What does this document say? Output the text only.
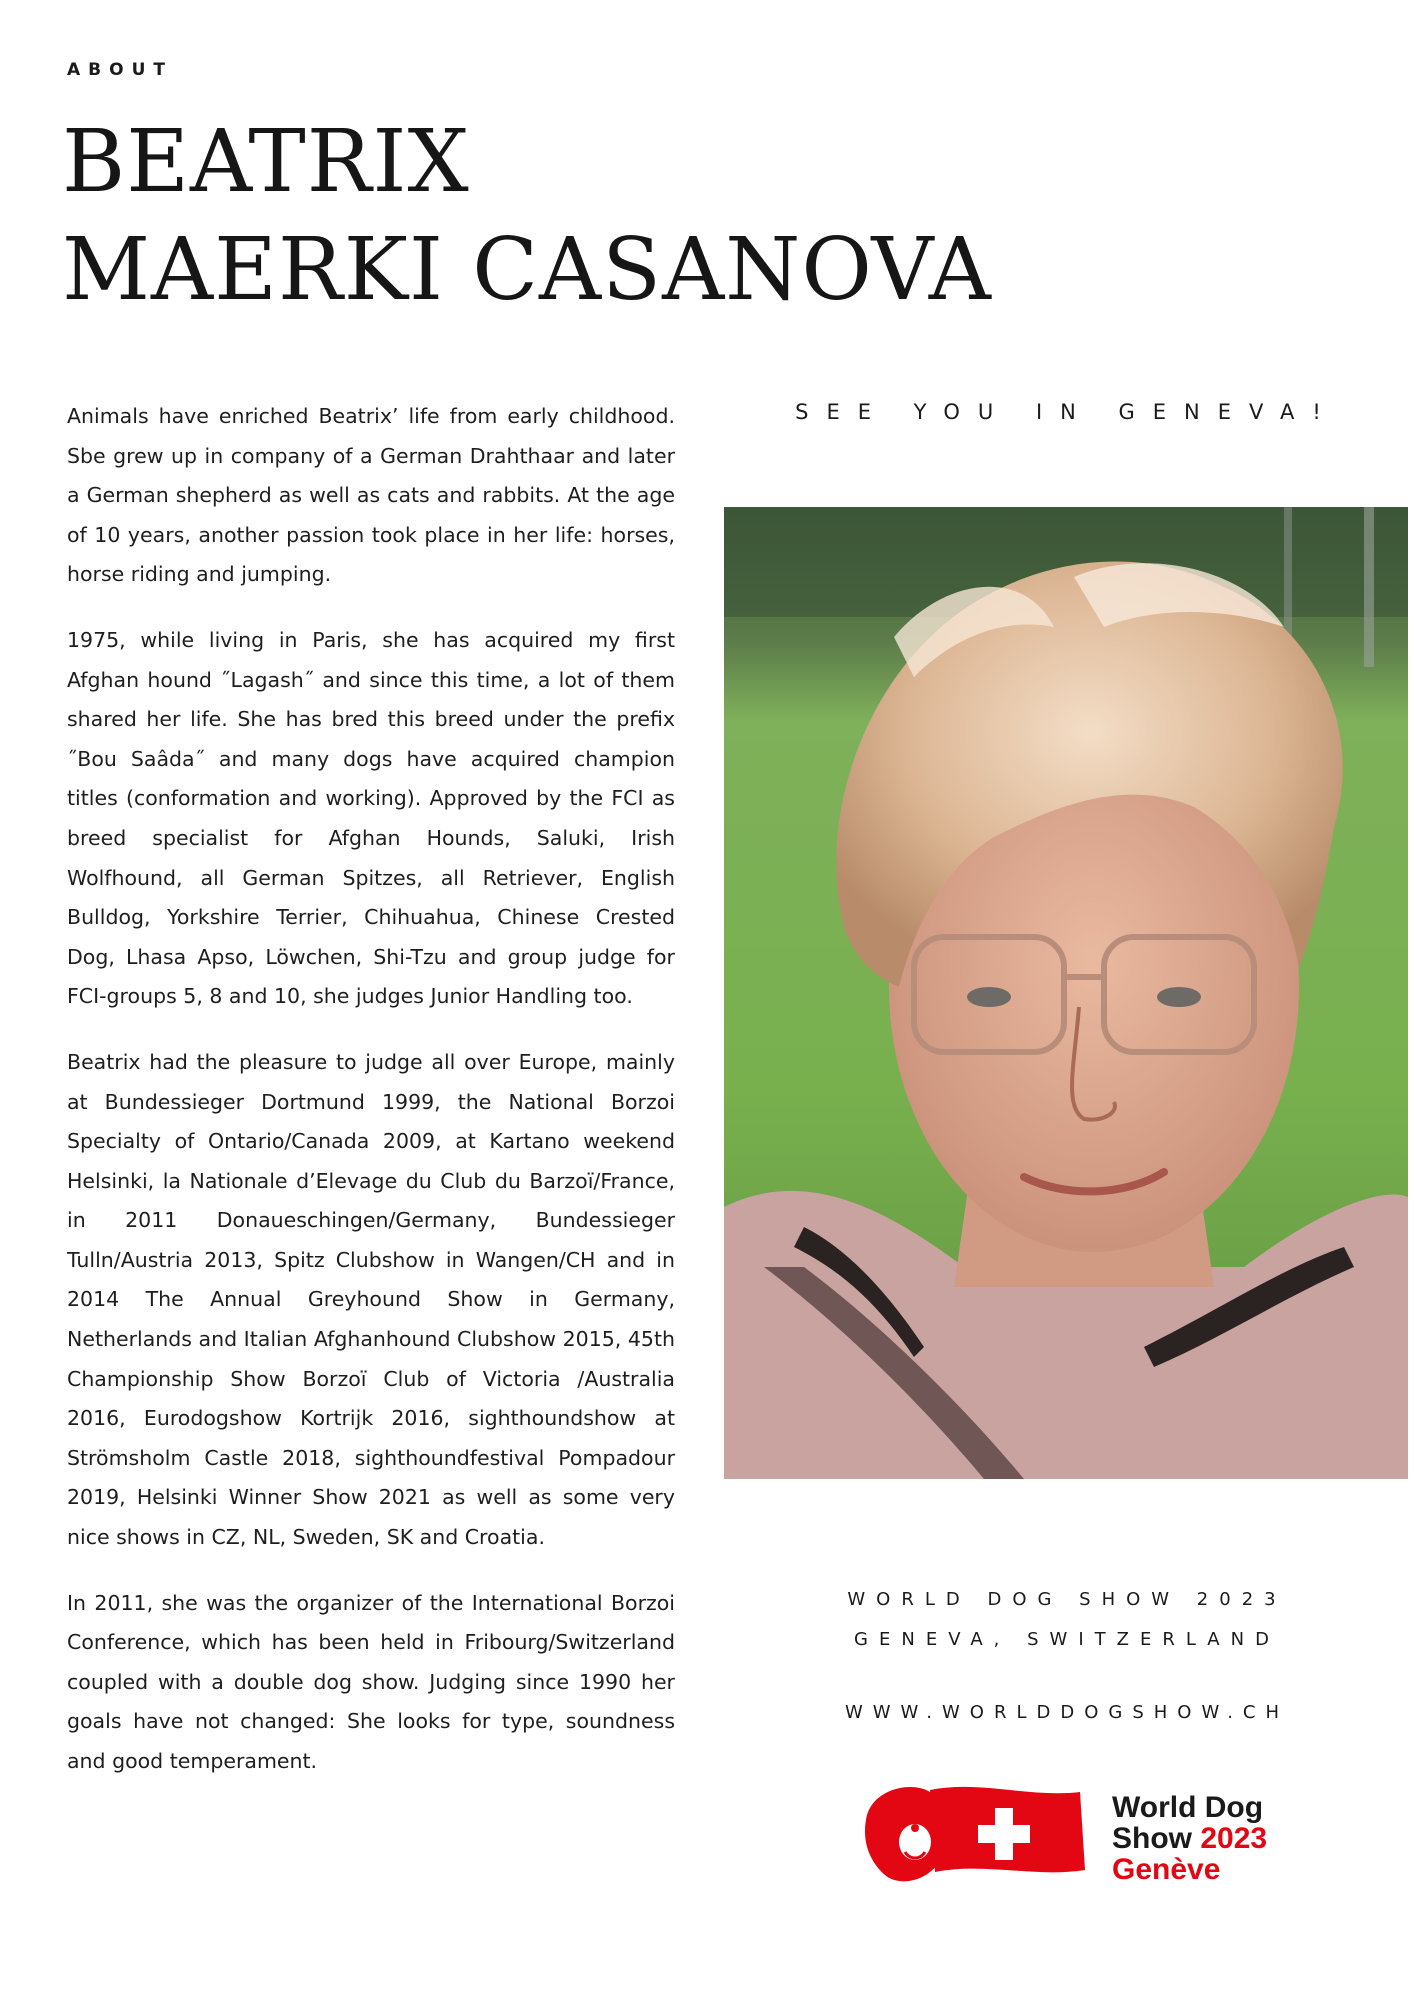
ABOUT
BEATRIX
MAERKI CASANOVA

Animals have enriched Beatrix’ life from early childhood. Sbe grew up in company of a German Drahthaar and later a German shepherd as well as cats and rabbits. At the age of 10 years, another passion took place in her life: horses, horse riding and jumping.

1975, while living in Paris, she has acquired my first Afghan hound ˝Lagash˝ and since this time, a lot of them shared her life. She has bred this breed under the prefix ˝Bou Saâda˝ and many dogs have acquired champion titles (conformation and working). Approved by the FCI as breed specialist for Afghan Hounds, Saluki, Irish Wolfhound, all German Spitzes, all Retriever, English Bulldog, Yorkshire Terrier, Chihuahua, Chinese Crested Dog, Lhasa Apso, Löwchen, Shi-Tzu and group judge for FCI-groups 5, 8 and 10, she judges Junior Handling too.

Beatrix had the pleasure to judge all over Europe, mainly at Bundessieger Dortmund 1999, the National Borzoi Specialty of Ontario/Canada 2009, at Kartano weekend Helsinki, la Nationale d’Elevage du Club du Barzoï/France, in 2011 Donaueschingen/Germany, Bundessieger Tulln/Austria 2013, Spitz Clubshow in Wangen/CH and in 2014 The Annual Greyhound Show in Germany, Netherlands and Italian Afghanhound Clubshow 2015, 45th Championship Show Borzoï Club of Victoria /Australia 2016, Eurodogshow Kortrijk 2016, sighthoundshow at Strömsholm Castle 2018, sighthoundfestival Pompadour 2019, Helsinki Winner Show 2021 as well as some very nice shows in CZ, NL, Sweden, SK and Croatia.

In 2011, she was the organizer of the International Borzoi Conference, which has been held in Fribourg/Switzerland coupled with a double dog show. Judging since 1990 her goals have not changed: She looks for type, soundness and good temperament.

SEE YOU IN GENEVA!
WORLD DOG SHOW 2023
GENEVA, SWITZERLAND
WWW.WORLDDOGSHOW.CH
World Dog
Show 2023
Genève
